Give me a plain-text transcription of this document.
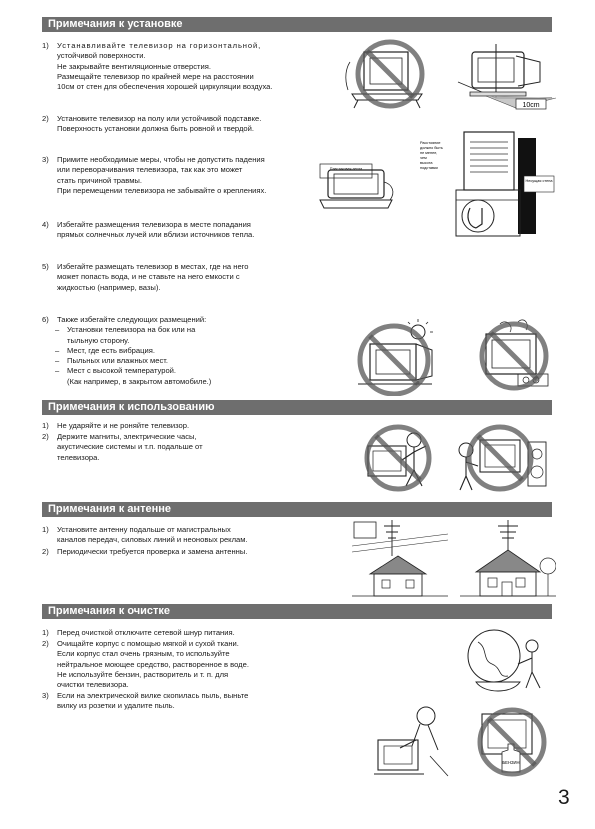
Примечания к установке
Примечания к использованию
Примечания к антенне
Примечания к очистке
1) Устанавливайте телевизор на горизонтальной,
устойчивой поверхности.
Не закрывайте вентиляционные отверстия.
Размещайте телевизор по крайней мере на расстоянии
10см от стен для обеспечения хорошей циркуляции воздуха.
2) Установите телевизор на полу или устойчивой подставке.
Поверхность установки должна быть ровной и твердой.
3) Примите необходимые меры, чтобы не допустить падения
или переворачивания телевизора, так как это может
стать причиной травмы.
При перемещении телевизора не забывайте о креплениях.
4) Избегайте размещения телевизора в месте попадания
прямых солнечных лучей или вблизи источников тепла.
5) Избегайте размещать телевизор в местах, где на него
может попасть вода, и не ставьте на него емкости с
жидкостью (например, вазы).
6) Также избегайте следующих размещений:
– Установки телевизора на бок или на
тыльную сторону.
– Мест, где есть вибрация.
– Пыльных или влажных мест.
– Мест с высокой температурой.
(Как например, в закрытом автомобиле.)
1) Не ударяйте и не роняйте телевизор.
2) Держите магниты, электрические часы,
акустические системы и т.п. подальше от
телевизора.
1) Установите антенну подальше от магистральных
каналов передач, силовых линий и неоновых реклам.
2) Периодически требуется проверка и замена антенны.
1) Перед очисткой отключите сетевой шнур питания.
2) Очищайте корпус с помощью мягкой и сухой ткани.
Если корпус стал очень грязным, то используйте
нейтральное моющее средство, растворенное в воде.
Не используйте бензин, растворитель и т. п. для
очистки телевизора.
3) Если на электрической вилке скопилась пыль, выньте
вилку из розетки и удалите пыль.
10cm
Пластиковая лента
Несущая стена
Расстояние
должно быть
не менее,
чем
высота
подставки
БЕНЗИН
3
